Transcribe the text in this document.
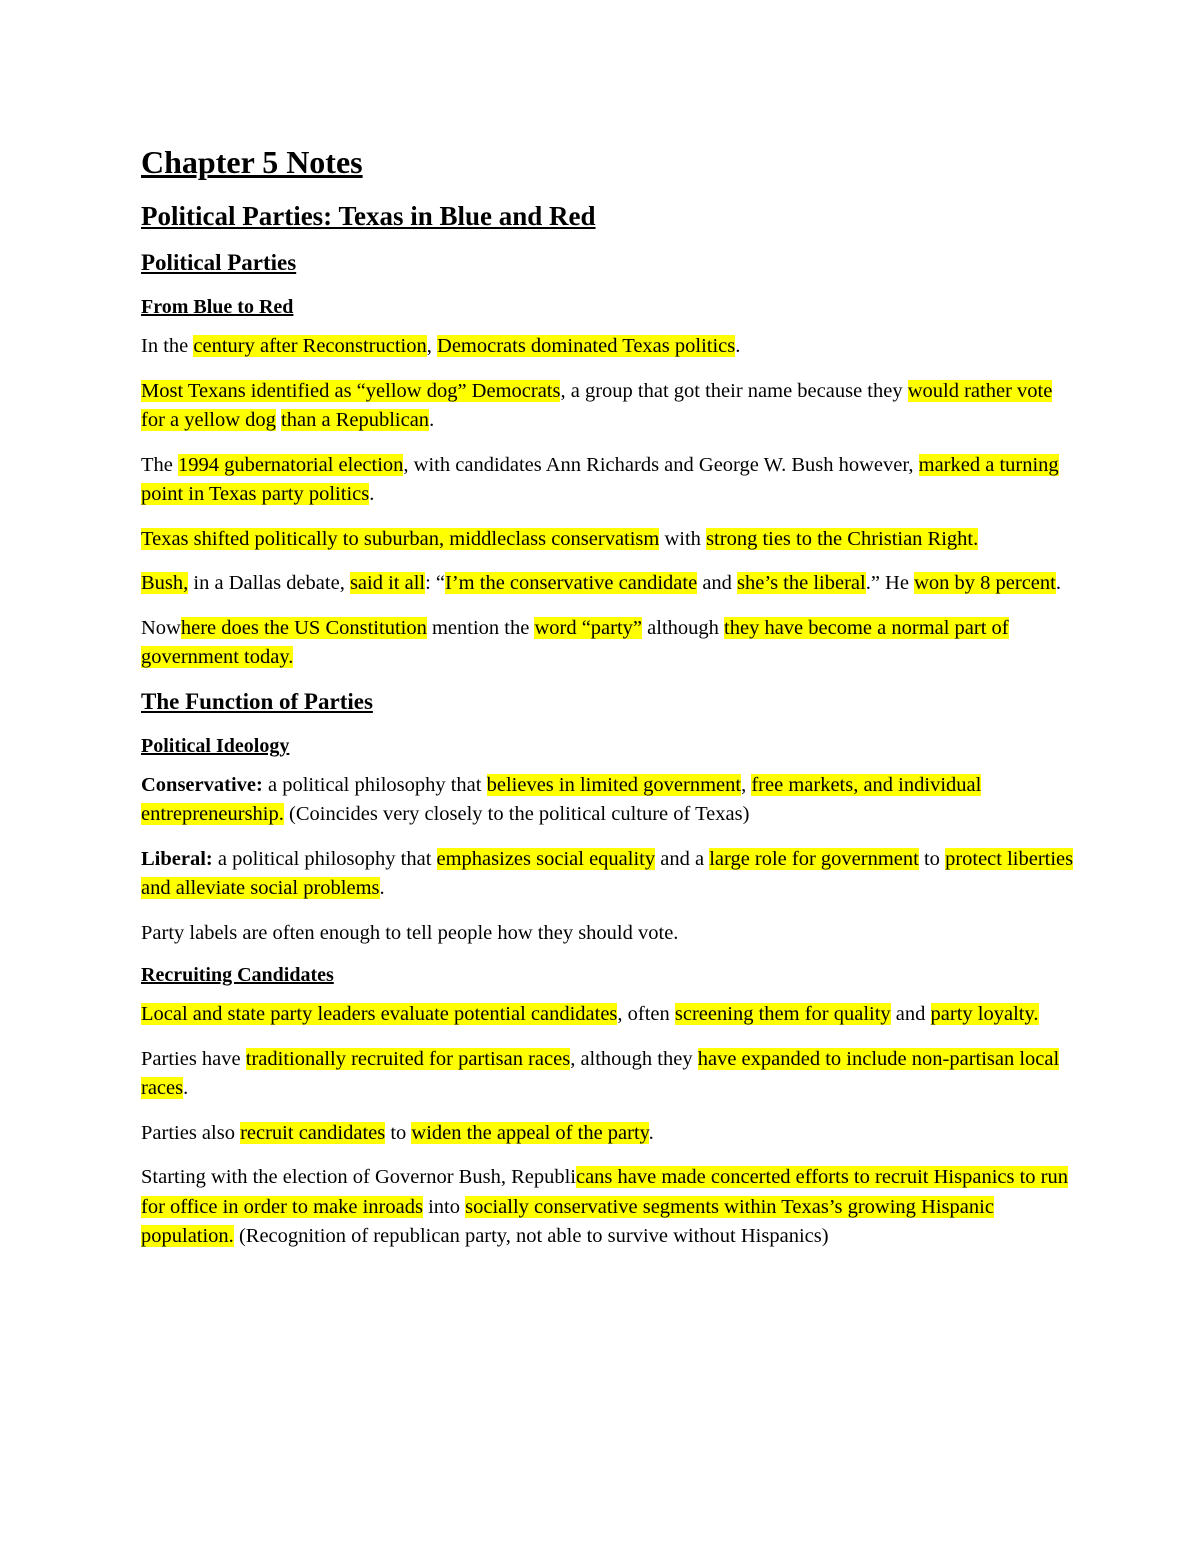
Chapter 5 Notes
Political Parties: Texas in Blue and Red
Political Parties
From Blue to Red

In the century after Reconstruction, Democrats dominated Texas politics.

Most Texans identified as “yellow dog” Democrats, a group that got their name because they would rather vote for a yellow dog than a Republican.

The 1994 gubernatorial election, with candidates Ann Richards and George W. Bush however, marked a turning point in Texas party politics.

Texas shifted politically to suburban, middleclass conservatism with strong ties to the Christian Right.

Bush, in a Dallas debate, said it all: “I’m the conservative candidate and she’s the liberal.” He won by 8 percent.

Nowhere does the US Constitution mention the word “party” although they have become a normal part of government today.

The Function of Parties
Political Ideology

Conservative: a political philosophy that believes in limited government, free markets, and individual entrepreneurship. (Coincides very closely to the political culture of Texas)

Liberal: a political philosophy that emphasizes social equality and a large role for government to protect liberties and alleviate social problems.

Party labels are often enough to tell people how they should vote.

Recruiting Candidates

Local and state party leaders evaluate potential candidates, often screening them for quality and party loyalty.

Parties have traditionally recruited for partisan races, although they have expanded to include non-partisan local races.

Parties also recruit candidates to widen the appeal of the party.

Starting with the election of Governor Bush, Republicans have made concerted efforts to recruit Hispanics to run for office in order to make inroads into socially conservative segments within Texas’s growing Hispanic population. (Recognition of republican party, not able to survive without Hispanics)
